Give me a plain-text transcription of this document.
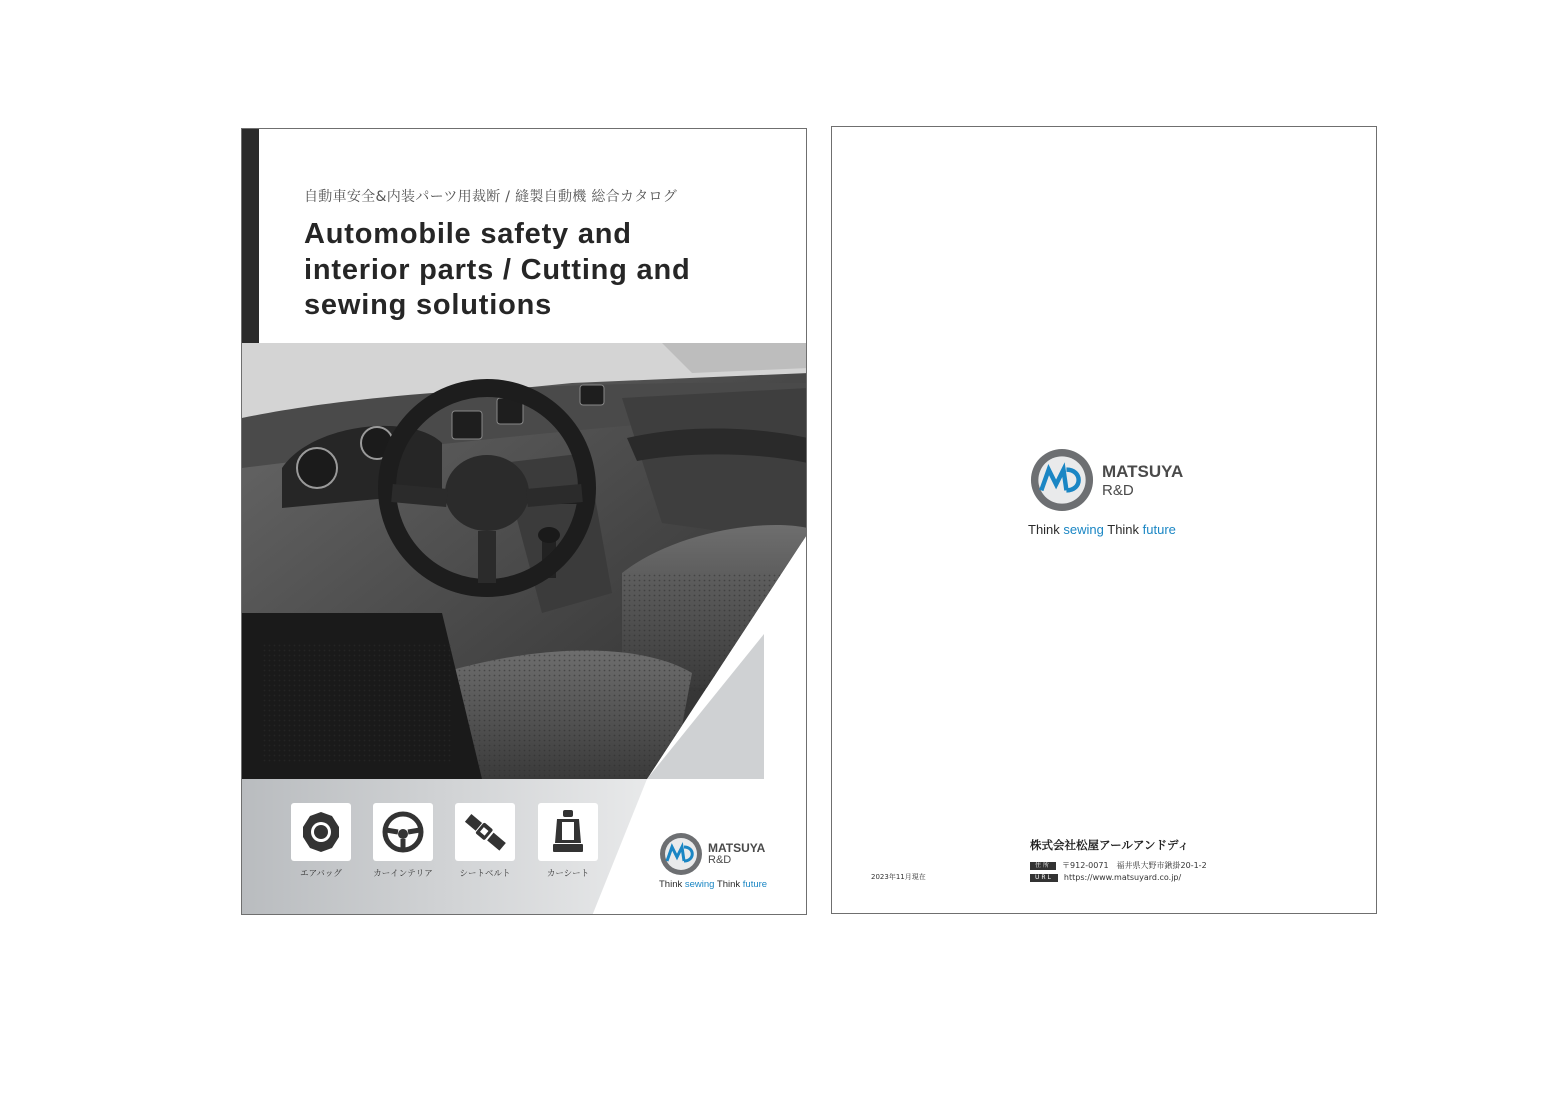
自動車安全&内装パーツ用裁断 / 縫製自動機 総合カタログ
Automobile safety and
interior parts / Cutting and
sewing solutions
エアバッグ	カーインテリア	シートベルト	カーシート
MATSUYA
R&D
Think sewing Think future
MATSUYA
R&D
Think sewing Think future
株式会社松屋アールアンドディ
住所 〒912-0071　福井県大野市鍬掛20-1-2
URL https://www.matsuyard.co.jp/
2023年11月現在
